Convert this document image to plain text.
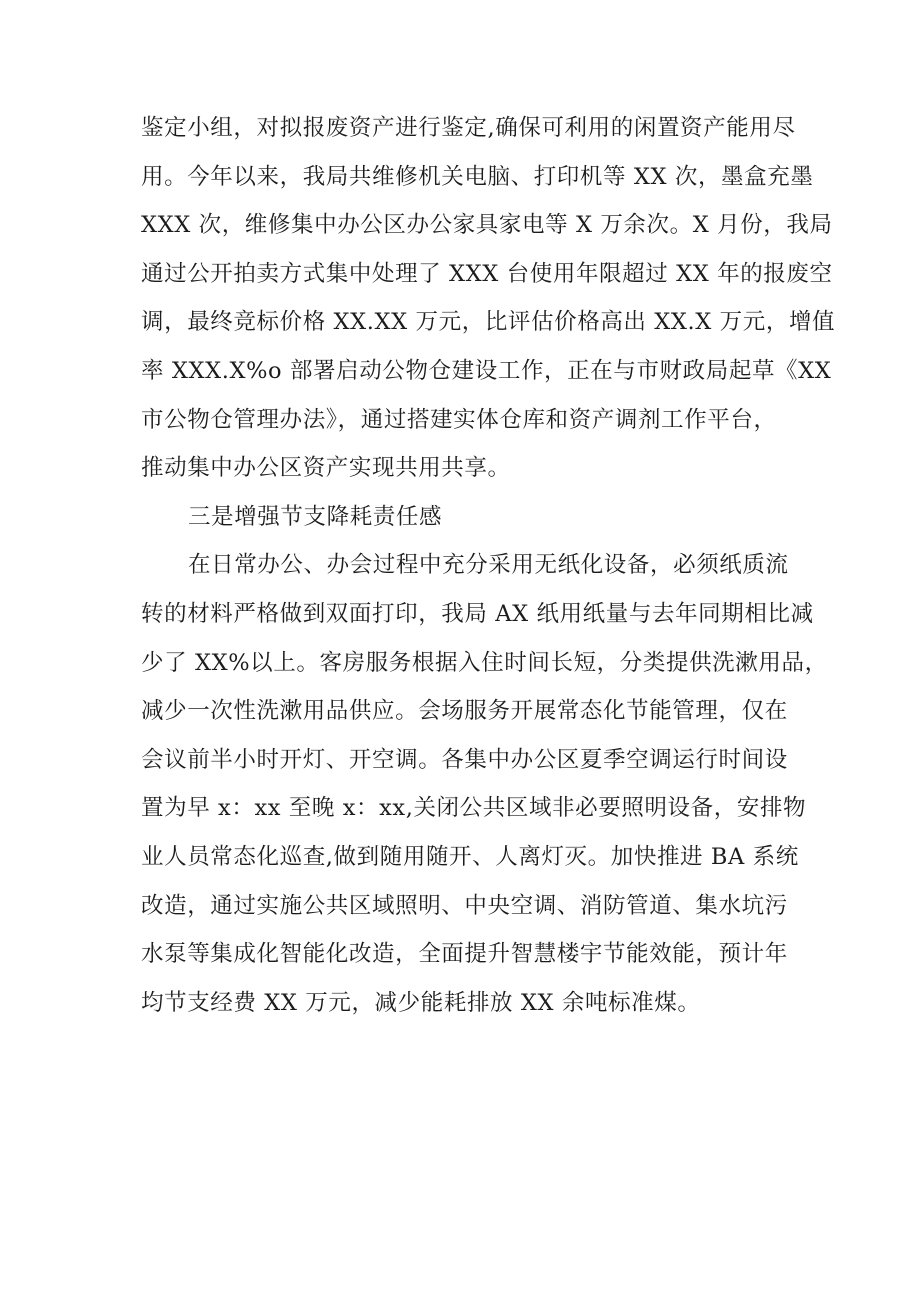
鉴定小组，对拟报废资产进行鉴定,确保可利用的闲置资产能用尽
用。今年以来，我局共维修机关电脑、打印机等 XX 次，墨盒充墨
XXX 次，维修集中办公区办公家具家电等 X 万余次。X 月份，我局
通过公开拍卖方式集中处理了 XXX 台使用年限超过 XX 年的报废空
调，最终竞标价格 XX.XX 万元，比评估价格高出 XX.X 万元，增值
率 XXX.X%o 部署启动公物仓建设工作，正在与市财政局起草《XX
市公物仓管理办法》，通过搭建实体仓库和资产调剂工作平台，
推动集中办公区资产实现共用共享。
三是增强节支降耗责任感
在日常办公、办会过程中充分采用无纸化设备，必须纸质流
转的材料严格做到双面打印，我局 AX 纸用纸量与去年同期相比减
少了 XX%以上。客房服务根据入住时间长短，分类提供洗漱用品，
减少一次性洗漱用品供应。会场服务开展常态化节能管理，仅在
会议前半小时开灯、开空调。各集中办公区夏季空调运行时间设
置为早 x：xx 至晚 x：xx,关闭公共区域非必要照明设备，安排物
业人员常态化巡查,做到随用随开、人离灯灭。加快推进 BA 系统
改造，通过实施公共区域照明、中央空调、消防管道、集水坑污
水泵等集成化智能化改造，全面提升智慧楼宇节能效能，预计年
均节支经费 XX 万元，减少能耗排放 XX 余吨标准煤。
